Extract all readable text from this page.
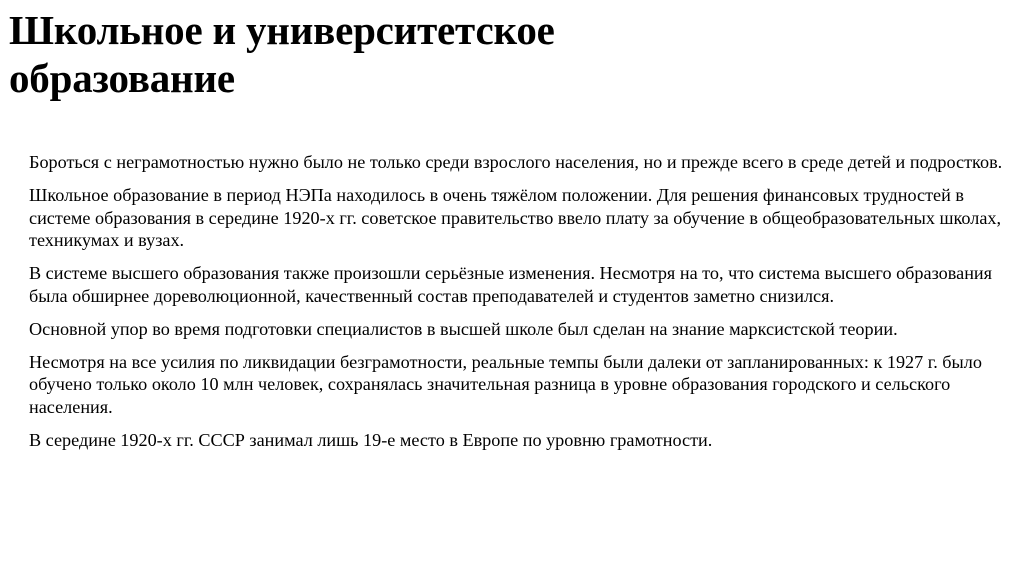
Школьное и университетское
образование

Бороться с неграмотностью нужно было не только среди взрослого населения, но и прежде всего в среде детей и подростков.

Школьное образование в период НЭПа находилось в очень тяжёлом положении. Для решения финансовых трудностей в системе образования в середине 1920-х гг. советское правительство ввело плату за обучение в общеобразовательных школах, техникумах и вузах.

В системе высшего образования также произошли серьёзные изменения. Несмотря на то, что система высшего образования была обширнее дореволюционной, качественный состав преподавателей и студентов заметно снизился.

Основной упор во время подготовки специалистов в высшей школе был сделан на знание марксистской теории.

Несмотря на все усилия по ликвидации безграмотности, реальные темпы были далеки от запланированных: к 1927 г. было обучено только около 10 млн человек, сохранялась значительная разница в уровне образования городского и сельского населения.

В середине 1920-х гг. СССР занимал лишь 19-е место в Европе по уровню грамотности.
